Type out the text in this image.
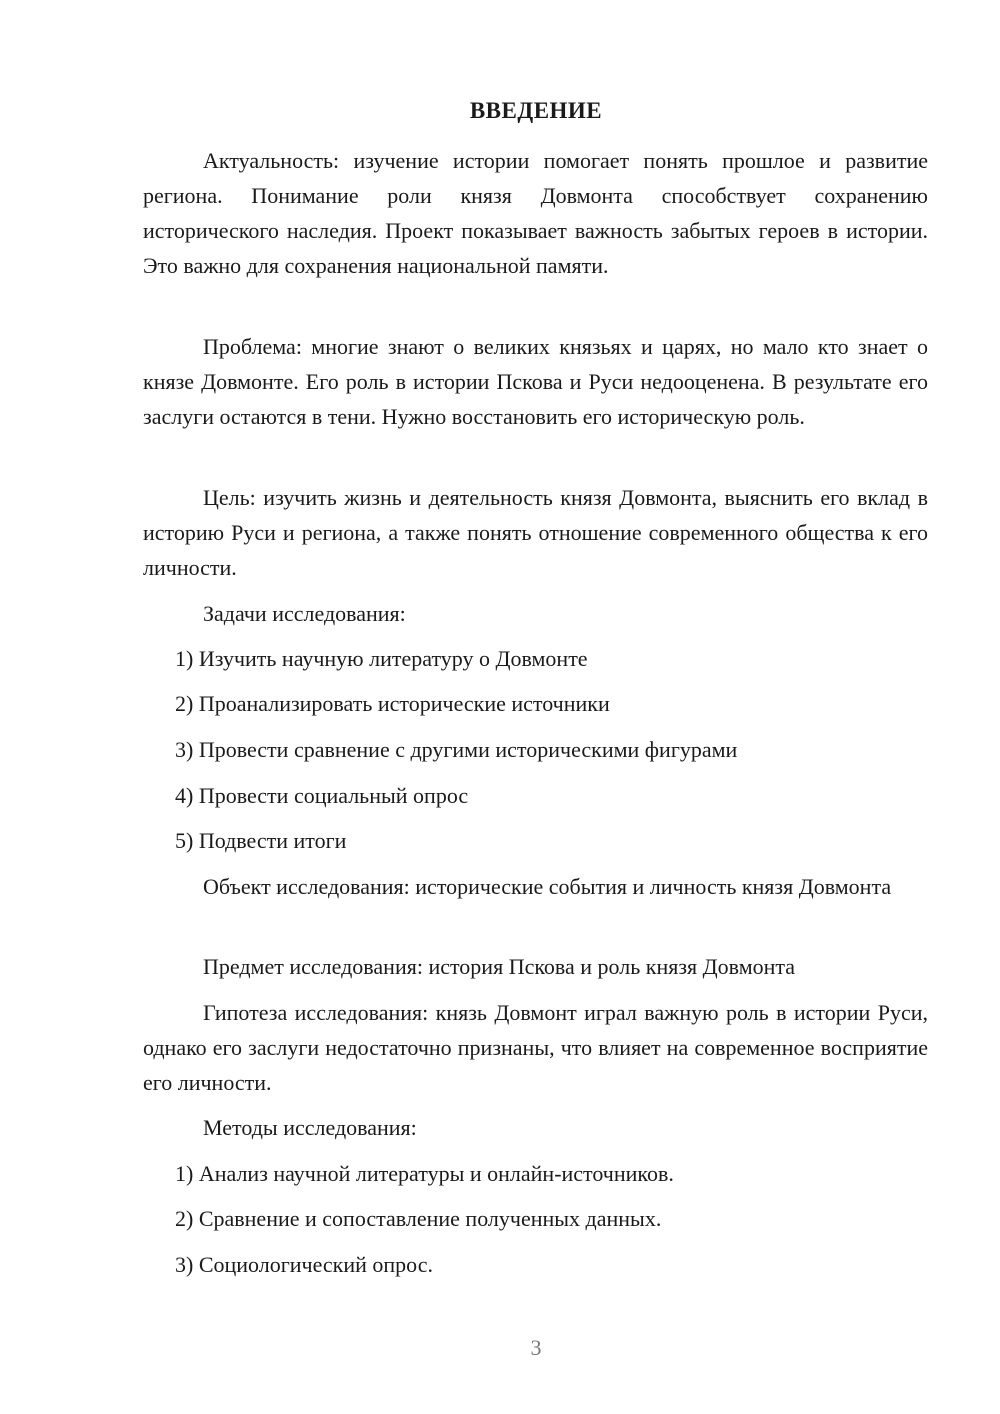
ВВЕДЕНИЕ

Актуальность: изучение истории помогает понять прошлое и развитие региона. Понимание роли князя Довмонта способствует сохранению исторического наследия. Проект показывает важность забытых героев в истории. Это важно для сохранения национальной памяти.

Проблема: многие знают о великих князьях и царях, но мало кто знает о князе Довмонте. Его роль в истории Пскова и Руси недооценена. В результате его заслуги остаются в тени. Нужно восстановить его историческую роль.

Цель: изучить жизнь и деятельность князя Довмонта, выяснить его вклад в историю Руси и региона, а также понять отношение современного общества к его личности.

Задачи исследования:

1) Изучить научную литературу о Довмонте

2) Проанализировать исторические источники

3) Провести сравнение с другими историческими фигурами

4) Провести социальный опрос

5) Подвести итоги

Объект исследования: исторические события и личность князя Довмонта

Предмет исследования: история Пскова и роль князя Довмонта

Гипотеза исследования: князь Довмонт играл важную роль в истории Руси, однако его заслуги недостаточно признаны, что влияет на современное восприятие его личности.

Методы исследования:

1) Анализ научной литературы и онлайн-источников.

2) Сравнение и сопоставление полученных данных.

3) Социологический опрос.

3
